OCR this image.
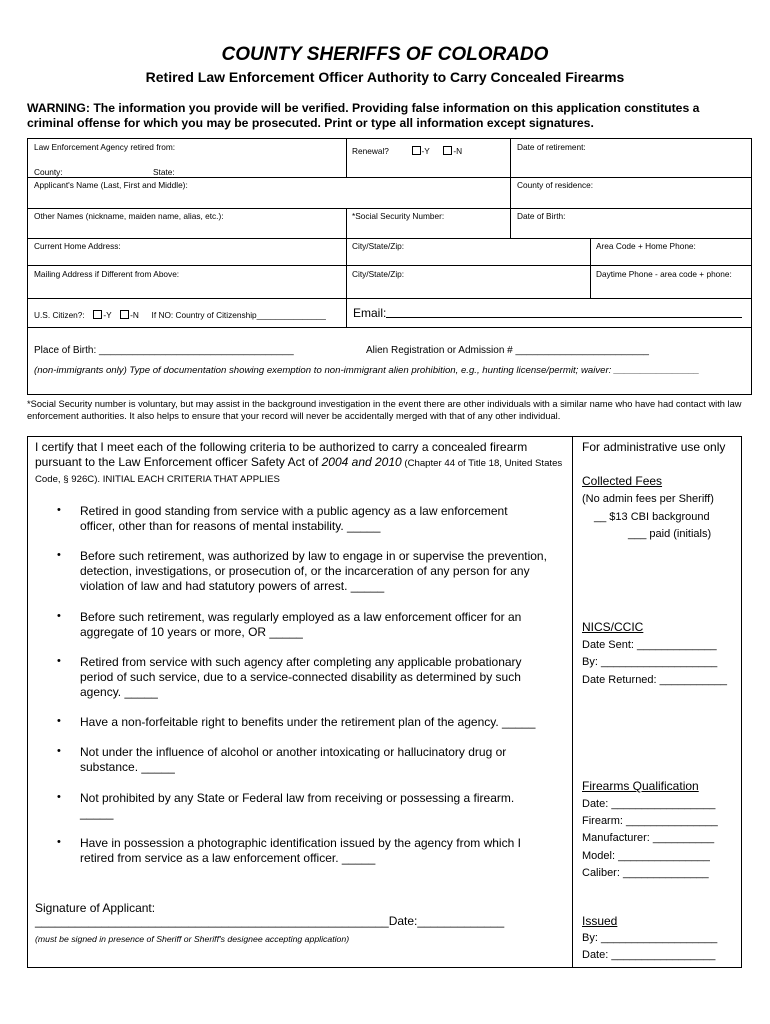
COUNTY SHERIFFS OF COLORADO
Retired Law Enforcement Officer Authority to Carry Concealed Firearms
WARNING: The information you provide will be verified. Providing false information on this application constitutes a criminal offense for which you may be prosecuted. Print or type all information except signatures.
Law Enforcement Agency retired from:	Renewal?	-Y	-N	Date of retirement:
County:	State:
Applicant's Name (Last, First and Middle):	County of residence:
Other Names (nickname, maiden name, alias, etc.):	*Social Security Number:	Date of Birth:
Current Home Address:	City/State/Zip:	Area Code + Home Phone:
Mailing Address if Different from Above:	City/State/Zip:	Daytime Phone - area code + phone:
U.S. Citizen?: -Y -N If NO: Country of Citizenship_______________ Email:
Place of Birth: ___________________________________	Alien Registration or Admission # ________________________
(non-immigrants only) Type of documentation showing exemption to non-immigrant alien prohibition, e.g., hunting license/permit; waiver: ________________
*Social Security number is voluntary, but may assist in the background investigation in the event there are other individuals with a similar name who have had contact with law enforcement authorities. It also helps to ensure that your record will never be accidentally merged with that of any other individual.
I certify that I meet each of the following criteria to be authorized to carry a concealed firearm pursuant to the Law Enforcement officer Safety Act of 2004 and 2010 (Chapter 44 of Title 18, United States Code, § 926C). INITIAL EACH CRITERIA THAT APPLIES
• Retired in good standing from service with a public agency as a law enforcement officer, other than for reasons of mental instability. _____
• Before such retirement, was authorized by law to engage in or supervise the prevention, detection, investigations, or prosecution of, or the incarceration of any person for any violation of law and had statutory powers of arrest. _____
• Before such retirement, was regularly employed as a law enforcement officer for an aggregate of 10 years or more, OR _____
• Retired from service with such agency after completing any applicable probationary period of such service, due to a service-connected disability as determined by such agency. _____
• Have a non-forfeitable right to benefits under the retirement plan of the agency. _____
• Not under the influence of alcohol or another intoxicating or hallucinatory drug or substance. _____
• Not prohibited by any State or Federal law from receiving or possessing a firearm. _____
• Have in possession a photographic identification issued by the agency from which I retired from service as a law enforcement officer. _____
Signature of Applicant:
_____________________________________________________Date:_____________
(must be signed in presence of Sheriff or Sheriff's designee accepting application)
For administrative use only
Collected Fees
(No admin fees per Sheriff)
__ $13 CBI background
___ paid (initials)
NICS/CCIC
Date Sent: _____________
By: ___________________
Date Returned: ___________
Firearms Qualification
Date: _________________
Firearm: _______________
Manufacturer: __________
Model: _______________
Caliber: ______________
Issued
By: ___________________
Date: _________________
